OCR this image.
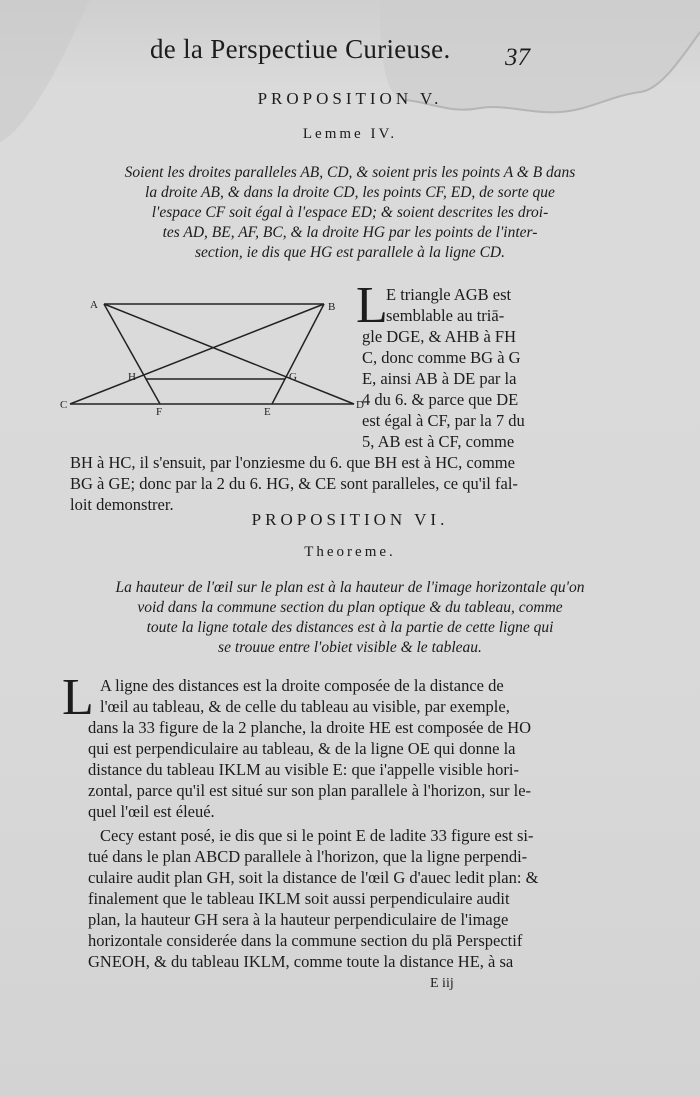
de la Perspectiue Curieuse. 37
PROPOSITION V.
Lemme IV.
Soient les droites paralleles AB, CD, & soient pris les points A & B dans
la droite AB, & dans la droite CD, les points CF, ED, de sorte que
l'espace CF soit égal à l'espace ED; & soient descrites les droi-
tes AD, BE, AF, BC, & la droite HG par les points de l'inter-
section, ie dis que HG est parallele à la ligne CD.
A	B
H	G
C
F	E
D
L
E triangle AGB est
semblable au triā-
gle DGE, & AHB à FH
C, donc comme BG à G
E, ainsi AB à DE par la
4 du 6. & parce que DE
est égal à CF, par la 7 du
5, AB est à CF, comme
BH à HC, il s'ensuit, par l'onziesme du 6. que BH est à HC, comme
BG à GE; donc par la 2 du 6. HG, & CE sont paralleles, ce qu'il fal-
loit demonstrer.
PROPOSITION VI.
Theoreme.
La hauteur de l'œil sur le plan est à la hauteur de l'image horizontale qu'on
void dans la commune section du plan optique & du tableau, comme
toute la ligne totale des distances est à la partie de cette ligne qui
se trouue entre l'obiet visible & le tableau.
L A ligne des distances est la droite composée de la distance de
l'œil au tableau, & de celle du tableau au visible, par exemple,
dans la 33 figure de la 2 planche, la droite HE est composée de HO
qui est perpendiculaire au tableau, & de la ligne OE qui donne la
distance du tableau IKLM au visible E: que i'appelle visible hori-
zontal, parce qu'il est situé sur son plan parallele à l'horizon, sur le-
quel l'œil est éleué.
Cecy estant posé, ie dis que si le point E de ladite 33 figure est si-
tué dans le plan ABCD parallele à l'horizon, que la ligne perpendi-
culaire audit plan GH, soit la distance de l'œil G d'auec ledit plan: &
finalement que le tableau IKLM soit aussi perpendiculaire audit
plan, la hauteur GH sera à la hauteur perpendiculaire de l'image
horizontale considerée dans la commune section du plā Perspectif
GNEOH, & du tableau IKLM, comme toute la distance HE, à sa
E iij
